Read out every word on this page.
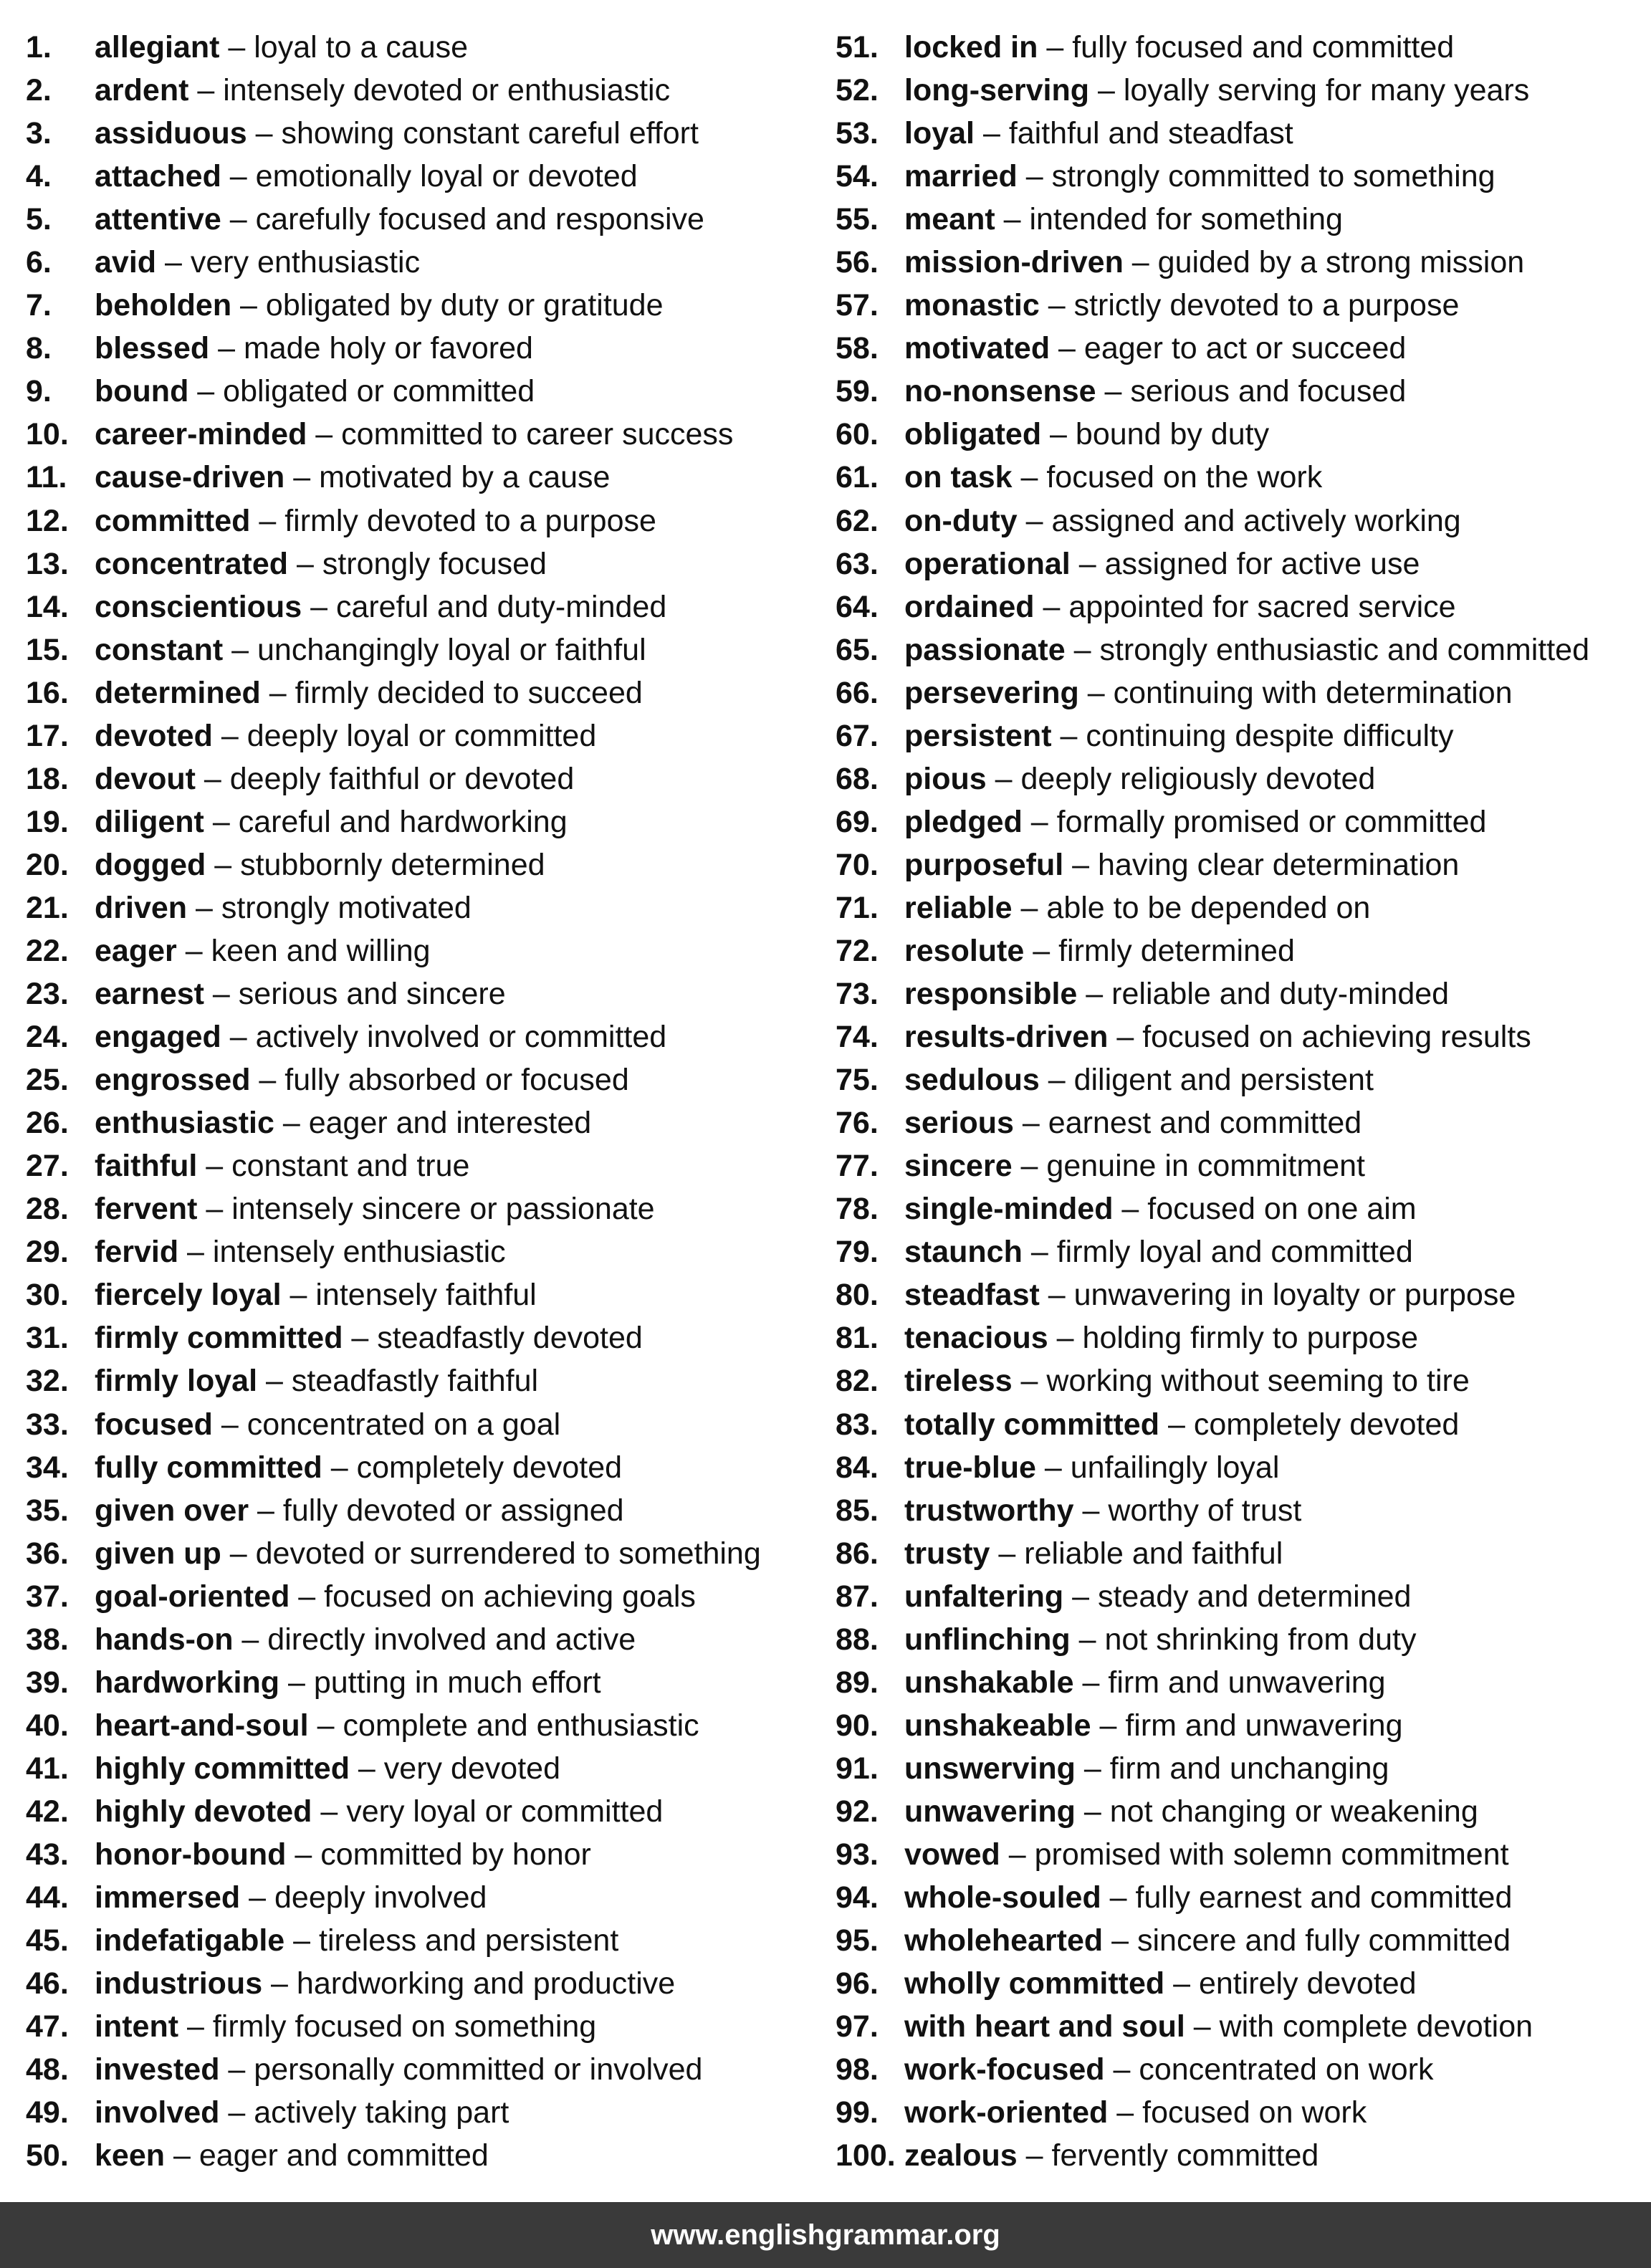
1. allegiant – loyal to a cause
2. ardent – intensely devoted or enthusiastic
3. assiduous – showing constant careful effort
4. attached – emotionally loyal or devoted
5. attentive – carefully focused and responsive
6. avid – very enthusiastic
7. beholden – obligated by duty or gratitude
8. blessed – made holy or favored
9. bound – obligated or committed
10. career-minded – committed to career success
11. cause-driven – motivated by a cause
12. committed – firmly devoted to a purpose
13. concentrated – strongly focused
14. conscientious – careful and duty-minded
15. constant – unchangingly loyal or faithful
16. determined – firmly decided to succeed
17. devoted – deeply loyal or committed
18. devout – deeply faithful or devoted
19. diligent – careful and hardworking
20. dogged – stubbornly determined
21. driven – strongly motivated
22. eager – keen and willing
23. earnest – serious and sincere
24. engaged – actively involved or committed
25. engrossed – fully absorbed or focused
26. enthusiastic – eager and interested
27. faithful – constant and true
28. fervent – intensely sincere or passionate
29. fervid – intensely enthusiastic
30. fiercely loyal – intensely faithful
31. firmly committed – steadfastly devoted
32. firmly loyal – steadfastly faithful
33. focused – concentrated on a goal
34. fully committed – completely devoted
35. given over – fully devoted or assigned
36. given up – devoted or surrendered to something
37. goal-oriented – focused on achieving goals
38. hands-on – directly involved and active
39. hardworking – putting in much effort
40. heart-and-soul – complete and enthusiastic
41. highly committed – very devoted
42. highly devoted – very loyal or committed
43. honor-bound – committed by honor
44. immersed – deeply involved
45. indefatigable – tireless and persistent
46. industrious – hardworking and productive
47. intent – firmly focused on something
48. invested – personally committed or involved
49. involved – actively taking part
50. keen – eager and committed
51. locked in – fully focused and committed
52. long-serving – loyally serving for many years
53. loyal – faithful and steadfast
54. married – strongly committed to something
55. meant – intended for something
56. mission-driven – guided by a strong mission
57. monastic – strictly devoted to a purpose
58. motivated – eager to act or succeed
59. no-nonsense – serious and focused
60. obligated – bound by duty
61. on task – focused on the work
62. on-duty – assigned and actively working
63. operational – assigned for active use
64. ordained – appointed for sacred service
65. passionate – strongly enthusiastic and committed
66. persevering – continuing with determination
67. persistent – continuing despite difficulty
68. pious – deeply religiously devoted
69. pledged – formally promised or committed
70. purposeful – having clear determination
71. reliable – able to be depended on
72. resolute – firmly determined
73. responsible – reliable and duty-minded
74. results-driven – focused on achieving results
75. sedulous – diligent and persistent
76. serious – earnest and committed
77. sincere – genuine in commitment
78. single-minded – focused on one aim
79. staunch – firmly loyal and committed
80. steadfast – unwavering in loyalty or purpose
81. tenacious – holding firmly to purpose
82. tireless – working without seeming to tire
83. totally committed – completely devoted
84. true-blue – unfailingly loyal
85. trustworthy – worthy of trust
86. trusty – reliable and faithful
87. unfaltering – steady and determined
88. unflinching – not shrinking from duty
89. unshakable – firm and unwavering
90. unshakeable – firm and unwavering
91. unswerving – firm and unchanging
92. unwavering – not changing or weakening
93. vowed – promised with solemn commitment
94. whole-souled – fully earnest and committed
95. wholehearted – sincere and fully committed
96. wholly committed – entirely devoted
97. with heart and soul – with complete devotion
98. work-focused – concentrated on work
99. work-oriented – focused on work
100. zealous – fervently committed
www.englishgrammar.org
